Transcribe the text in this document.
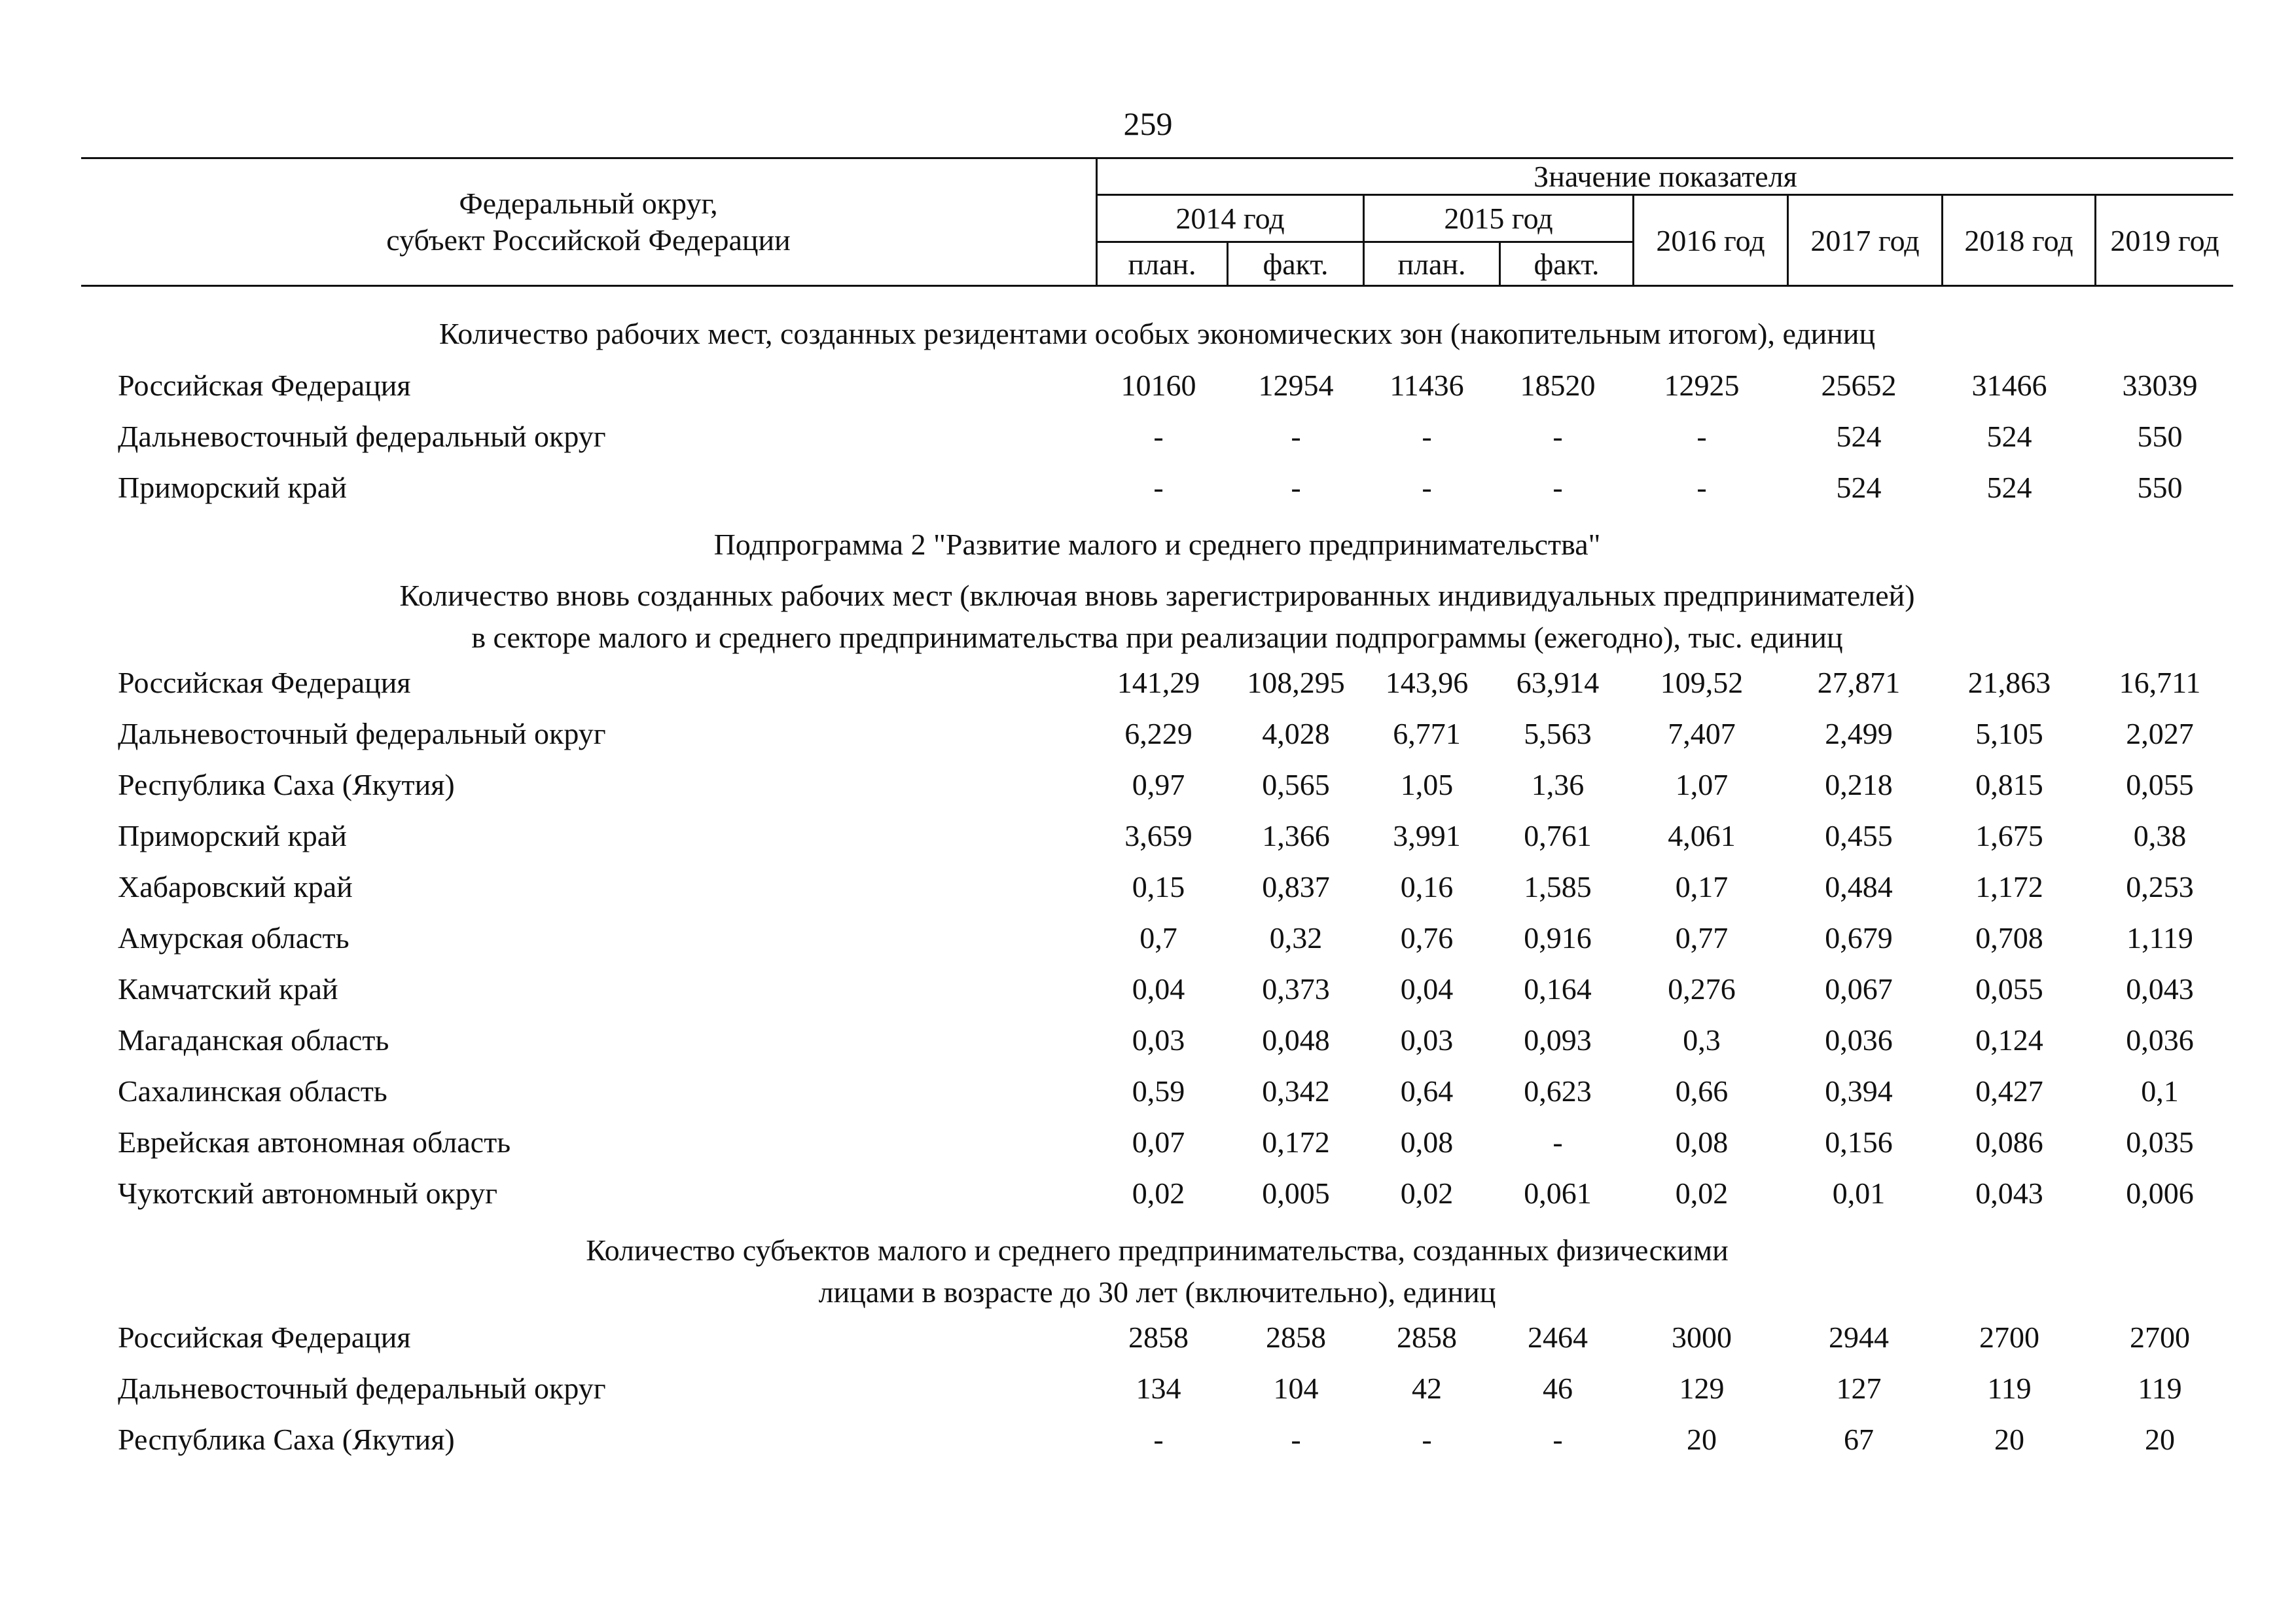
259
Федеральный округ,
субъект Российской Федерации
Значение показателя
2014 год	2015 год
план.	факт.	план.	факт.
2016 год	2017 год	2018 год	2019 год
Количество рабочих мест, созданных резидентами особых экономических зон (накопительным итогом), единиц
Российская Федерация	10160	12954	11436	18520	12925	25652	31466	33039
Дальневосточный федеральный округ	-	-	-	-	-	524	524	550
Приморский край	-	-	-	-	-	524	524	550
Подпрограмма 2 "Развитие малого и среднего предпринимательства"
Количество вновь созданных рабочих мест (включая вновь зарегистрированных индивидуальных предпринимателей)
в секторе малого и среднего предпринимательства при реализации подпрограммы (ежегодно), тыс. единиц
Российская Федерация	141,29	108,295	143,96	63,914	109,52	27,871	21,863	16,711
Дальневосточный федеральный округ	6,229	4,028	6,771	5,563	7,407	2,499	5,105	2,027
Республика Саха (Якутия)	0,97	0,565	1,05	1,36	1,07	0,218	0,815	0,055
Приморский край	3,659	1,366	3,991	0,761	4,061	0,455	1,675	0,38
Хабаровский край	0,15	0,837	0,16	1,585	0,17	0,484	1,172	0,253
Амурская область	0,7	0,32	0,76	0,916	0,77	0,679	0,708	1,119
Камчатский край	0,04	0,373	0,04	0,164	0,276	0,067	0,055	0,043
Магаданская область	0,03	0,048	0,03	0,093	0,3	0,036	0,124	0,036
Сахалинская область	0,59	0,342	0,64	0,623	0,66	0,394	0,427	0,1
Еврейская автономная область	0,07	0,172	0,08	-	0,08	0,156	0,086	0,035
Чукотский автономный округ	0,02	0,005	0,02	0,061	0,02	0,01	0,043	0,006
Количество субъектов малого и среднего предпринимательства, созданных физическими
лицами в возрасте до 30 лет (включительно), единиц
Российская Федерация	2858	2858	2858	2464	3000	2944	2700	2700
Дальневосточный федеральный округ	134	104	42	46	129	127	119	119
Республика Саха (Якутия)	-	-	-	-	20	67	20	20
